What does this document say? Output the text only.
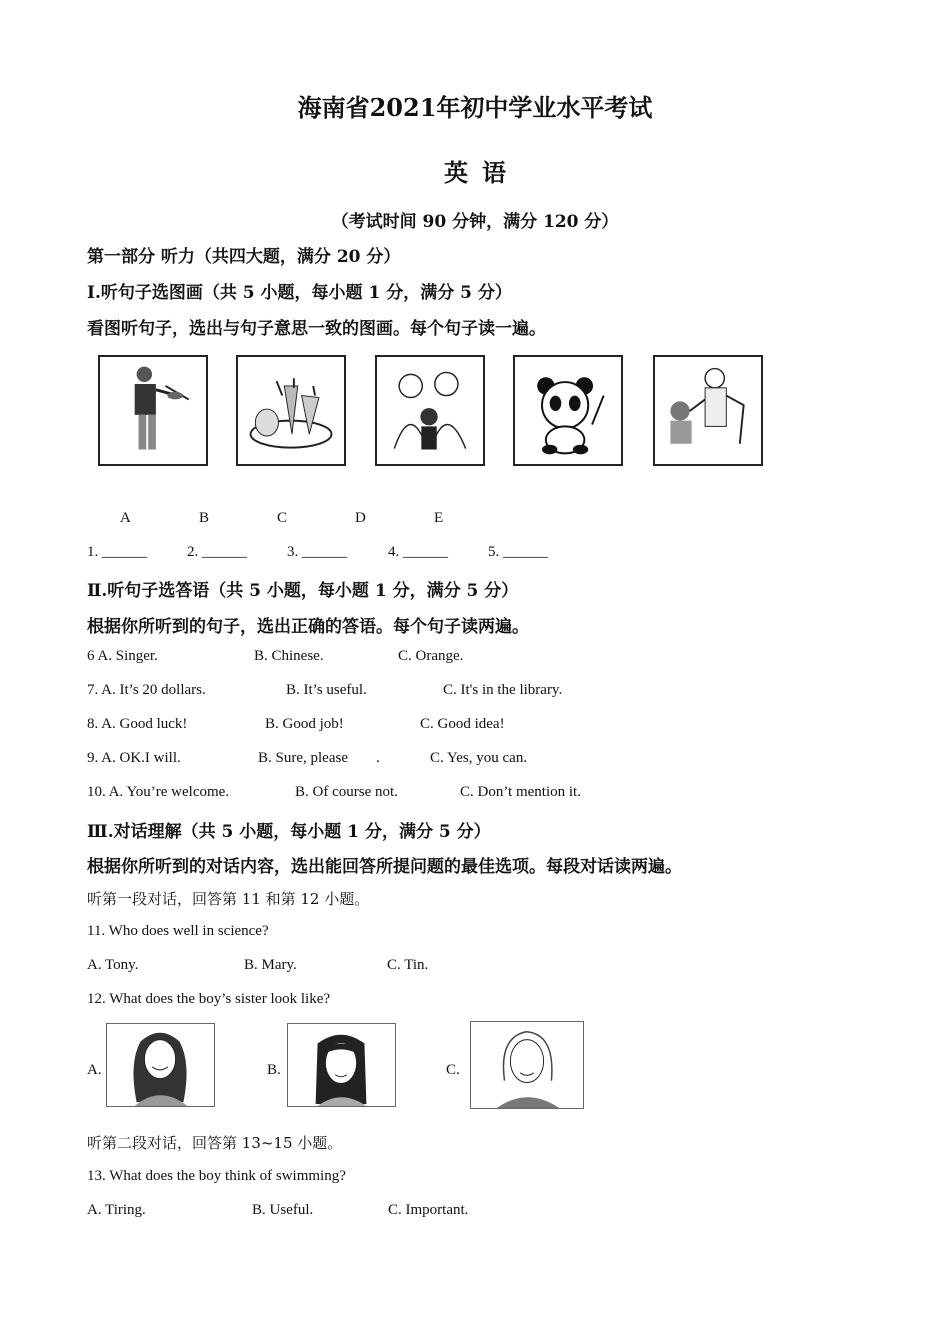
海南省2021年初中学业水平考试
英语
（考试时间 90 分钟，满分 120 分）
第一部分 听力（共四大题，满分 20 分）
Ⅰ.听句子选图画（共 5 小题，每小题 1 分，满分 5 分）
看图听句子，选出与句子意思一致的图画。每个句子读一遍。
A	B	C	D	E
1. ______	2. ______	3. ______	4. ______	5. ______
Ⅱ.听句子选答语（共 5 小题，每小题 1 分，满分 5 分）
根据你所听到的句子，选出正确的答语。每个句子读两遍。
6 A. Singer.	B. Chinese.	C. Orange.
7. A. It’s 20 dollars.	B. It’s useful.	C. It's in the library.
8. A. Good luck!	B. Good job!	C. Good idea!
9. A. OK.I will.	B. Sure, please .	C. Yes, you can.
10. A. You’re welcome.	B. Of course not.	C. Don’t mention it.
Ⅲ.对话理解（共 5 小题，每小题 1 分，满分 5 分）
根据你所听到的对话内容，选出能回答所提问题的最佳选项。每段对话读两遍。
听第一段对话，回答第 11 和第 12 小题。
11. Who does well in science?
A. Tony.	B. Mary.	C. Tin.
12. What does the boy’s sister look like?
A.	B.	C.
听第二段对话，回答第 13~15 小题。
13. What does the boy think of swimming?
A. Tiring.	B. Useful.	C. Important.
